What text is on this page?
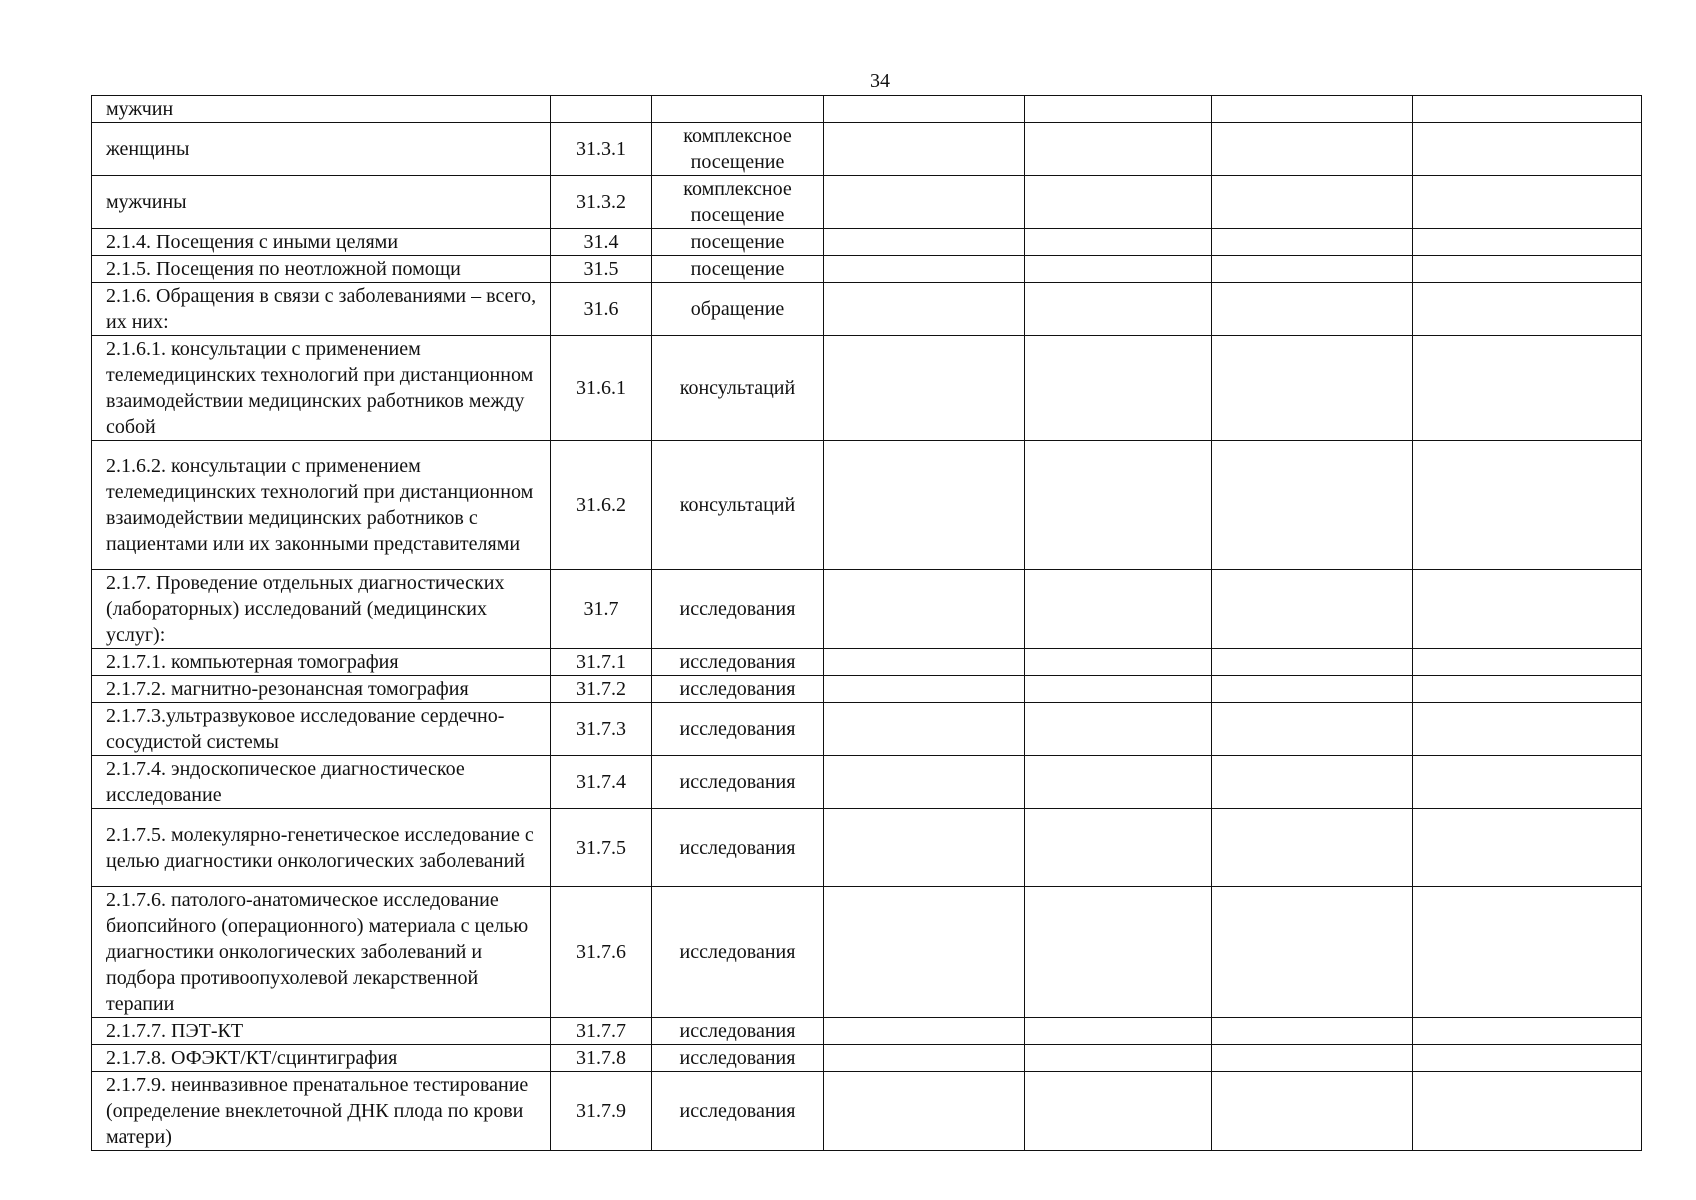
34
мужчин						
женщины	31.3.1	комплексное посещение				
мужчины	31.3.2	комплексное посещение				
2.1.4. Посещения с иными целями	31.4	посещение				
2.1.5. Посещения по неотложной помощи	31.5	посещение				
2.1.6. Обращения в связи с заболеваниями – всего, их них:	31.6	обращение				
2.1.6.1. консультации с применением телемедицинских технологий при дистанционном взаимодействии медицинских работников между собой	31.6.1	консультаций				
2.1.6.2. консультации с применением телемедицинских технологий при дистанционном взаимодействии медицинских работников с пациентами или их законными представителями	31.6.2	консультаций				
2.1.7. Проведение отдельных диагностических (лабораторных) исследований (медицинских услуг):	31.7	исследования				
2.1.7.1. компьютерная томография	31.7.1	исследования				
2.1.7.2. магнитно-резонансная томография	31.7.2	исследования				
2.1.7.3.ультразвуковое исследование сердечно-сосудистой системы	31.7.3	исследования				
2.1.7.4. эндоскопическое диагностическое исследование	31.7.4	исследования				
2.1.7.5. молекулярно-генетическое исследование с целью диагностики онкологических заболеваний	31.7.5	исследования				
2.1.7.6. патолого-анатомическое исследование биопсийного (операционного) материала с целью диагностики онкологических заболеваний и подбора противоопухолевой лекарственной терапии	31.7.6	исследования				
2.1.7.7. ПЭТ-КТ	31.7.7	исследования				
2.1.7.8. ОФЭКТ/КТ/сцинтиграфия	31.7.8	исследования				
2.1.7.9. неинвазивное пренатальное тестирование (определение внеклеточной ДНК плода по крови матери)	31.7.9	исследования				
